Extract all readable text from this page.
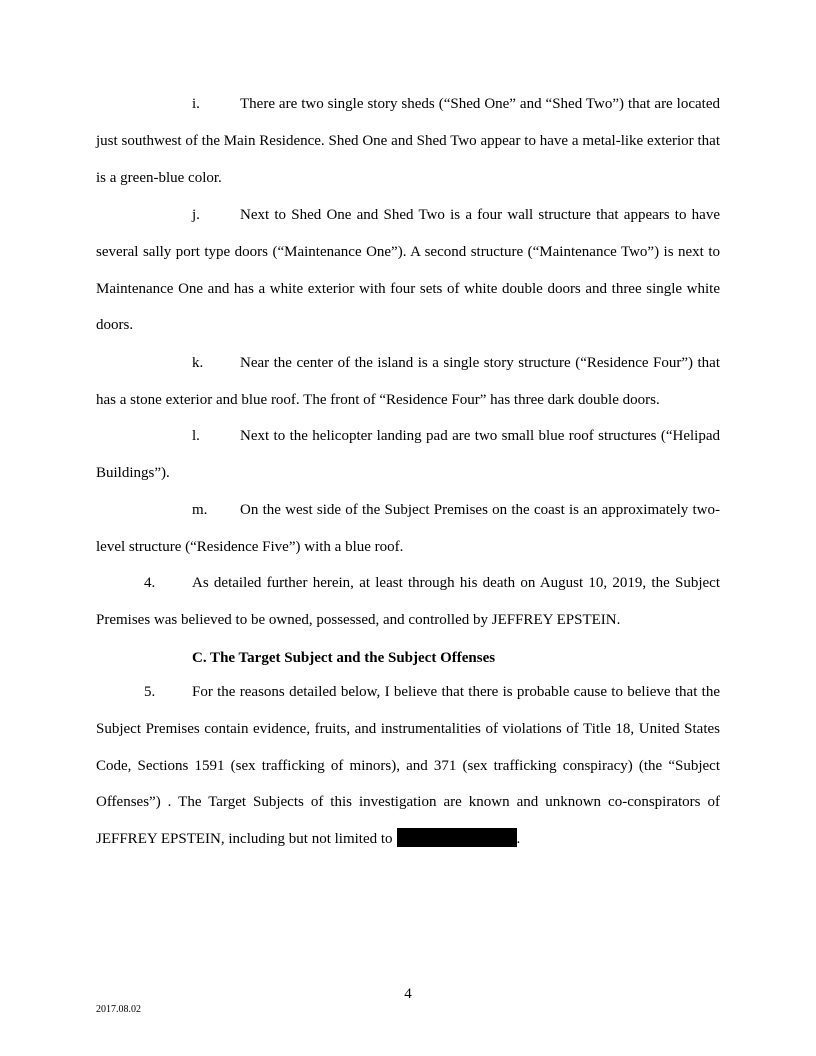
i.	There are two single story sheds (“Shed One” and “Shed Two”) that are located just southwest of the Main Residence. Shed One and Shed Two appear to have a metal-like exterior that is a green-blue color.

j.	Next to Shed One and Shed Two is a four wall structure that appears to have several sally port type doors (“Maintenance One”). A second structure (“Maintenance Two”) is next to Maintenance One and has a white exterior with four sets of white double doors and three single white doors.

k. Near the center of the island is a single story structure (“Residence Four”) that has a stone exterior and blue roof. The front of “Residence Four” has three dark double doors.

l.	Next to the helicopter landing pad are two small blue roof structures (“Helipad Buildings”).

m. On the west side of the Subject Premises on the coast is an approximately two-level structure (“Residence Five”) with a blue roof.

4. As detailed further herein, at least through his death on August 10, 2019, the Subject Premises was believed to be owned, possessed, and controlled by JEFFREY EPSTEIN.

C. The Target Subject and the Subject Offenses

5. For the reasons detailed below, I believe that there is probable cause to believe that the Subject Premises contain evidence, fruits, and instrumentalities of violations of Title 18, United States Code, Sections 1591 (sex trafficking of minors), and 371 (sex trafficking conspiracy) (the “Subject Offenses”) . The Target Subjects of this investigation are known and unknown co-conspirators of JEFFREY EPSTEIN, including but not limited to	.

4
2017.08.02
